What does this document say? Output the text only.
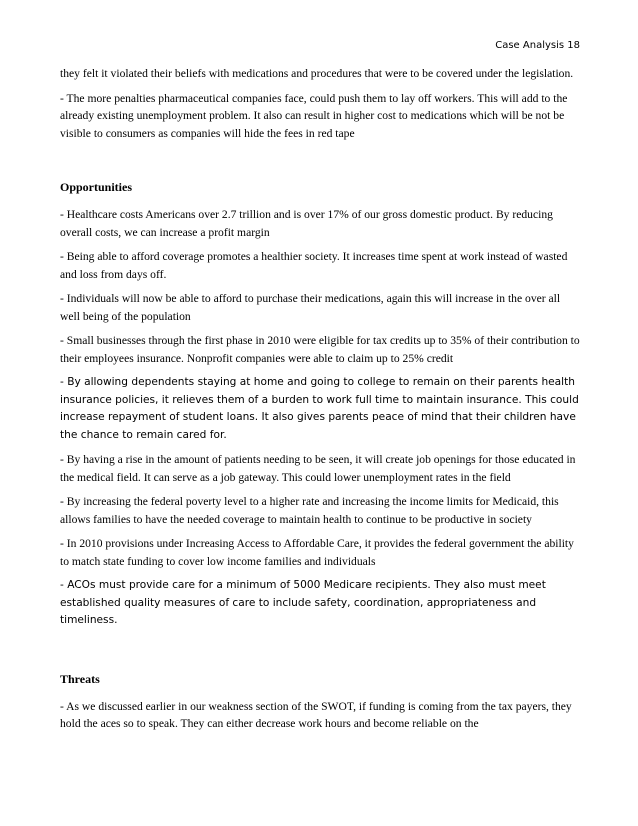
Case Analysis 18

they felt it violated their beliefs with medications and procedures that were to be covered under the legislation.

- The more penalties pharmaceutical companies face, could push them to lay off workers. This will add to the already existing unemployment problem. It also can result in higher cost to medications which will be not be visible to consumers as companies will hide the fees in red tape

Opportunities

- Healthcare costs Americans over 2.7 trillion and is over 17% of our gross domestic product. By reducing overall costs, we can increase a profit margin

- Being able to afford coverage promotes a healthier society. It increases time spent at work instead of wasted and loss from days off.

- Individuals will now be able to afford to purchase their medications, again this will increase in the over all well being of the population

- Small businesses through the first phase in 2010 were eligible for tax credits up to 35% of their contribution to their employees insurance. Nonprofit companies were able to claim up to 25% credit

- By allowing dependents staying at home and going to college to remain on their parents health insurance policies, it relieves them of a burden to work full time to maintain insurance. This could increase repayment of student loans. It also gives parents peace of mind that their children have the chance to remain cared for.

- By having a rise in the amount of patients needing to be seen, it will create job openings for those educated in the medical field. It can serve as a job gateway. This could lower unemployment rates in the field

- By increasing the federal poverty level to a higher rate and increasing the income limits for Medicaid, this allows families to have the needed coverage to maintain health to continue to be productive in society

- In 2010 provisions under Increasing Access to Affordable Care, it provides the federal government the ability to match state funding to cover low income families and individuals

- ACOs must provide care for a minimum of 5000 Medicare recipients. They also must meet established quality measures of care to include safety, coordination, appropriateness and timeliness.

Threats

- As we discussed earlier in our weakness section of the SWOT, if funding is coming from the tax payers, they hold the aces so to speak. They can either decrease work hours and become reliable on the
